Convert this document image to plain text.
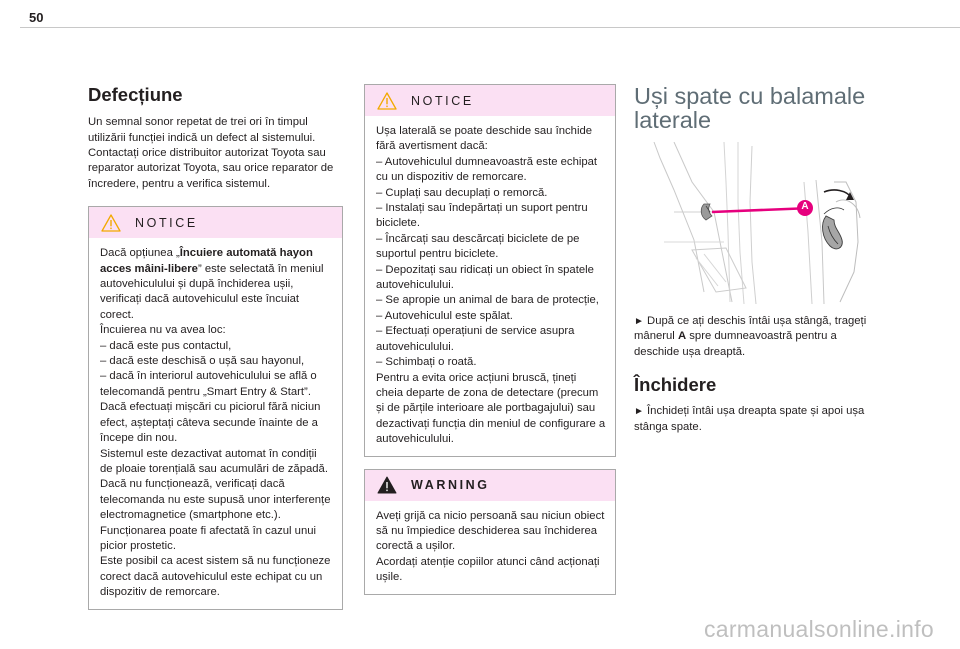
50
Defecțiune

Un semnal sonor repetat de trei ori în timpul
utilizării funcției indică un defect al sistemului.
Contactați orice distribuitor autorizat Toyota sau
reparator autorizat Toyota, sau orice reparator de
încredere, pentru a verifica sistemul.

NOTICE
Dacă opțiunea „Încuiere automată hayon
acces mâini-libere” este selectată în meniul
autovehiculului și după închiderea ușii,
verificați dacă autovehiculul este încuiat
corect.
Încuierea nu va avea loc:
– dacă este pus contactul,
– dacă este deschisă o ușă sau hayonul,
– dacă în interiorul autovehiculului se află o
telecomandă pentru „Smart Entry & Start”.
Dacă efectuați mișcări cu piciorul fără niciun
efect, așteptați câteva secunde înainte de a
începe din nou.
Sistemul este dezactivat automat în condiții
de ploaie torențială sau acumulări de zăpadă.
Dacă nu funcționează, verificați dacă
telecomanda nu este supusă unor interferențe
electromagnetice (smartphone etc.).
Funcționarea poate fi afectată în cazul unui
picior prostetic.
Este posibil ca acest sistem să nu funcționeze
corect dacă autovehiculul este echipat cu un
dispozitiv de remorcare.
NOTICE
Ușa laterală se poate deschide sau închide
fără avertisment dacă:
– Autovehiculul dumneavoastră este echipat
cu un dispozitiv de remorcare.
– Cuplați sau decuplați o remorcă.
– Instalați sau îndepărtați un suport pentru
biciclete.
– Încărcați sau descărcați biciclete de pe
suportul pentru biciclete.
– Depozitați sau ridicați un obiect în spatele
autovehiculului.
– Se apropie un animal de bara de protecție,
– Autovehiculul este spălat.
– Efectuați operațiuni de service asupra
autovehiculului.
– Schimbați o roată.
Pentru a evita orice acțiuni bruscă, țineți
cheia departe de zona de detectare (precum
și de părțile interioare ale portbagajului) sau
dezactivați funcția din meniul de configurare a
autovehiculului.
WARNING
Aveți grijă ca nicio persoană sau niciun obiect
să nu împiedice deschiderea sau închiderea
corectă a ușilor.
Acordați atenție copiilor atunci când acționați
ușile.
Uși spate cu balamale
laterale
A

► După ce ați deschis întâi ușa stângă, trageți
mânerul A spre dumneavoastră pentru a
deschide ușa dreaptă.

Închidere

► Închideți întâi ușa dreapta spate și apoi ușa
stânga spate.

carmanualsonline.info
